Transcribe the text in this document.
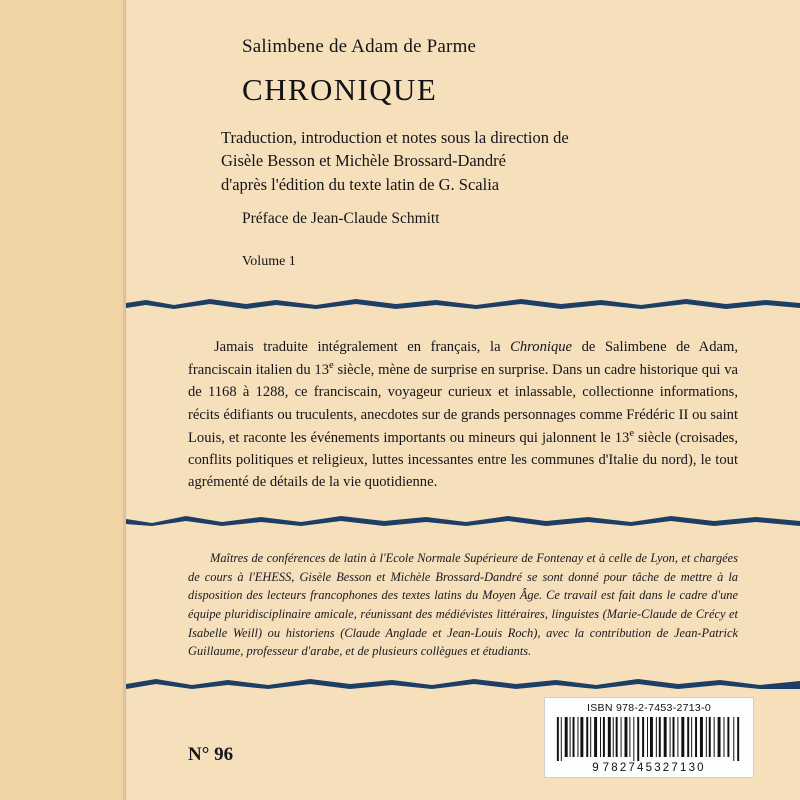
Salimbene de Adam de Parme
CHRONIQUE
Traduction, introduction et notes sous la direction de
Gisèle Besson et Michèle Brossard-Dandré
d'après l'édition du texte latin de G. Scalia
Préface de Jean-Claude Schmitt
Volume 1
Jamais traduite intégralement en français, la Chronique de Salimbene de Adam, franciscain italien du 13e siècle, mène de surprise en surprise. Dans un cadre historique qui va de 1168 à 1288, ce franciscain, voyageur curieux et inlassable, collectionne informations, récits édifiants ou truculents, anecdotes sur de grands personnages comme Frédéric II ou saint Louis, et raconte les événements importants ou mineurs qui jalonnent le 13e siècle (croisades, conflits politiques et religieux, luttes incessantes entre les communes d'Italie du nord), le tout agrémenté de détails de la vie quotidienne.
Maîtres de conférences de latin à l'Ecole Normale Supérieure de Fontenay et à celle de Lyon, et chargées de cours à l'EHESS, Gisèle Besson et Michèle Brossard-Dandré se sont donné pour tâche de mettre à la disposition des lecteurs francophones des textes latins du Moyen Âge. Ce travail est fait dans le cadre d'une équipe pluridisciplinaire amicale, réunissant des médiévistes littéraires, linguistes (Marie-Claude de Crécy et Isabelle Weill) ou historiens (Claude Anglade et Jean-Louis Roch), avec la contribution de Jean-Patrick Guillaume, professeur d'arabe, et de plusieurs collègues et étudiants.
N° 96
ISBN 978-2-7453-2713-0
9 782745327130
